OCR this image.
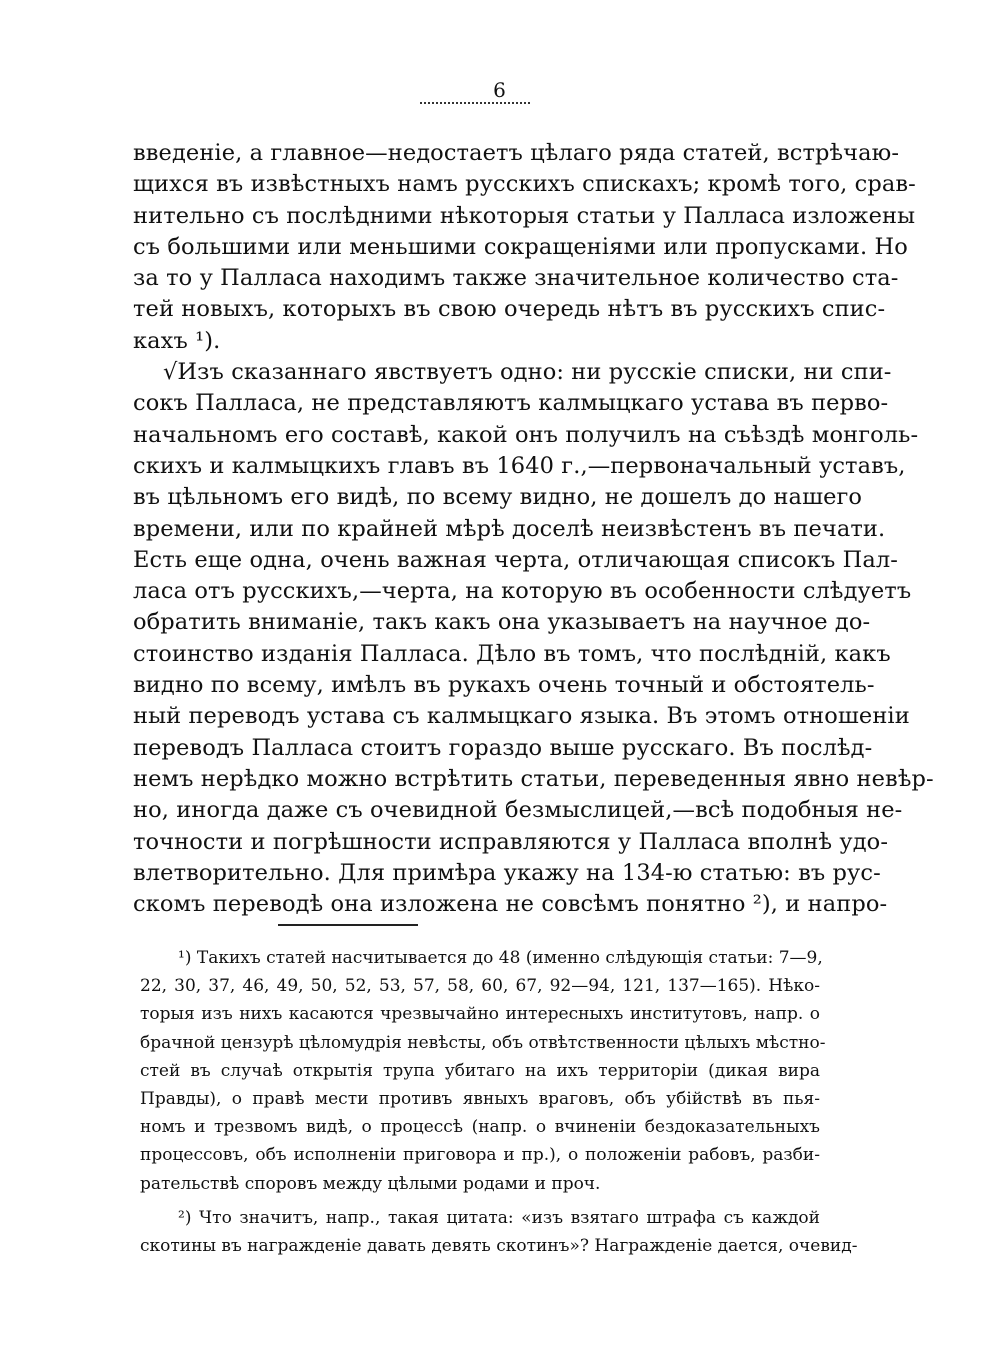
6
введеніе, а главное—недостаетъ цѣлаго ряда статей, встрѣчаю-
щихся въ извѣстныхъ намъ русскихъ спискахъ; кромѣ того, срав-
нительно съ послѣдними нѣкоторыя статьи у Палласа изложены
съ большими или меньшими сокращеніями или пропусками. Но
за то у Палласа находимъ также значительное количество ста-
тей новыхъ, которыхъ въ свою очередь нѣтъ въ русскихъ спис-
кахъ ¹).
√Изъ сказаннаго явствуетъ одно: ни русскіе списки, ни спи-
сокъ Палласа, не представляютъ калмыцкаго устава въ перво-
начальномъ его составѣ, какой онъ получилъ на съѣздѣ монголь-
скихъ и калмыцкихъ главъ въ 1640 г.,—первоначальный уставъ,
въ цѣльномъ его видѣ, по всему видно, не дошелъ до нашего
времени, или по крайней мѣрѣ доселѣ неизвѣстенъ въ печати.
Есть еще одна, очень важная черта, отличающая списокъ Пал-
ласа отъ русскихъ,—черта, на которую въ особенности слѣдуетъ
обратить вниманіе, такъ какъ она указываетъ на научное до-
стоинство изданія Палласа. Дѣло въ томъ, что послѣдній, какъ
видно по всему, имѣлъ въ рукахъ очень точный и обстоятель-
ный переводъ устава съ калмыцкаго языка. Въ этомъ отношеніи
переводъ Палласа стоитъ гораздо выше русскаго. Въ послѣд-
немъ нерѣдко можно встрѣтить статьи, переведенныя явно невѣр-
но, иногда даже съ очевидной безмыслицей,—всѣ подобныя не-
точности и погрѣшности исправляются у Палласа вполнѣ удо-
влетворительно. Для примѣра укажу на 134-ю статью: въ рус-
скомъ переводѣ она изложена не совсѣмъ понятно ²), и напро-
¹) Такихъ статей насчитывается до 48 (именно слѣдующія статьи: 7—9,
22, 30, 37, 46, 49, 50, 52, 53, 57, 58, 60, 67, 92—94, 121, 137—165). Нѣко-
торыя изъ нихъ касаются чрезвычайно интересныхъ институтовъ, напр. о
брачной цензурѣ цѣломудрія невѣсты, объ отвѣтственности цѣлыхъ мѣстно-
стей въ случаѣ открытія трупа убитаго на ихъ территоріи (дикая вира
Правды), о правѣ мести противъ явныхъ враговъ, объ убійствѣ въ пья-
номъ и трезвомъ видѣ, о процессѣ (напр. о вчиненіи бездоказательныхъ
процессовъ, объ исполненіи приговора и пр.), о положеніи рабовъ, разби-
рательствѣ споровъ между цѣлыми родами и проч.
²) Что значитъ, напр., такая цитата: «изъ взятаго штрафа съ каждой
скотины въ награжденіе давать девять скотинъ»? Награжденіе дается, очевид-
